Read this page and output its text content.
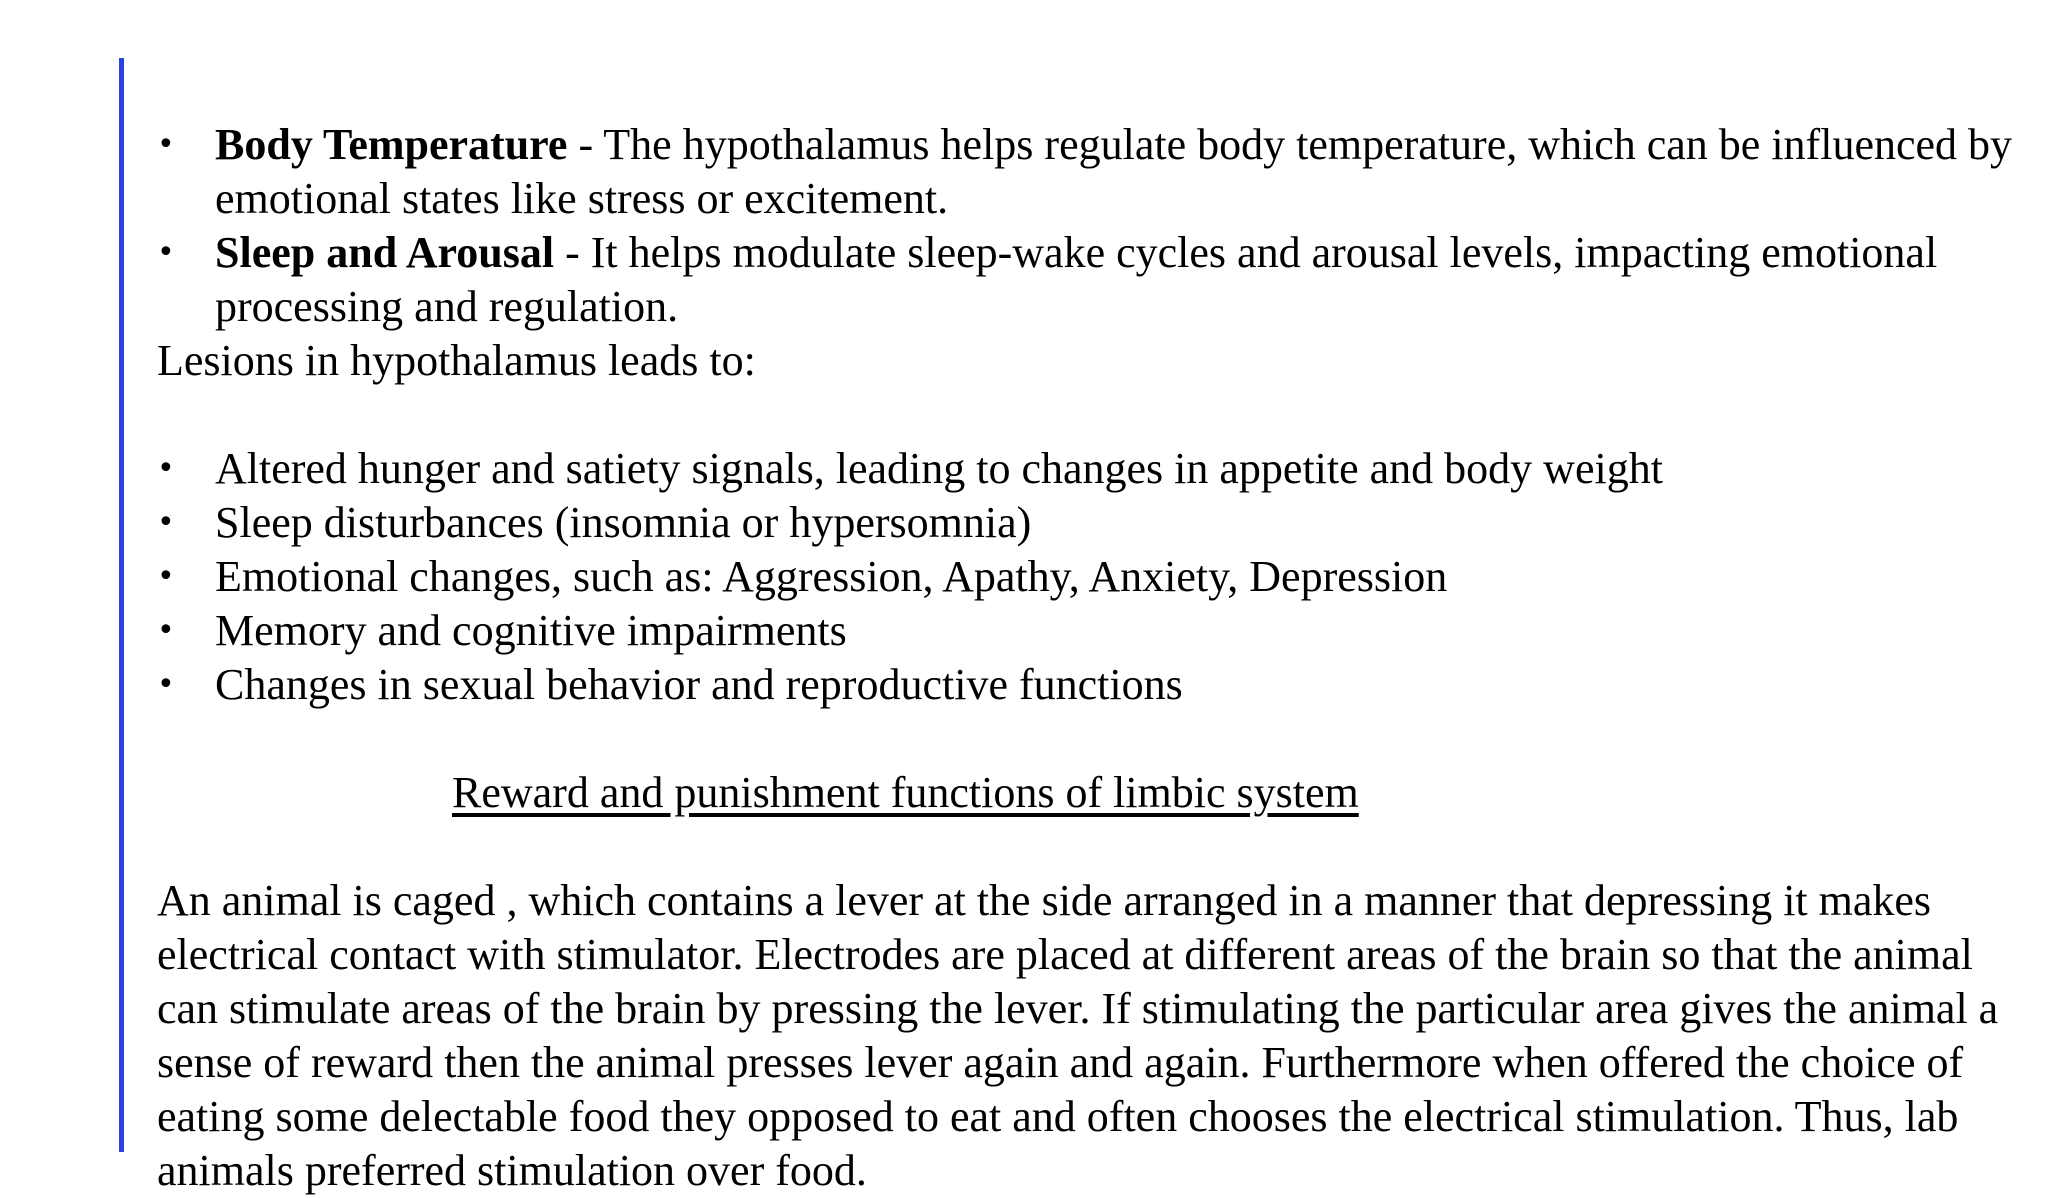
• Body Temperature - The hypothalamus helps regulate body temperature, which can be influenced by emotional states like stress or excitement.
• Sleep and Arousal - It helps modulate sleep-wake cycles and arousal levels, impacting emotional processing and regulation.

Lesions in hypothalamus leads to:

• Altered hunger and satiety signals, leading to changes in appetite and body weight
• Sleep disturbances (insomnia or hypersomnia)
• Emotional changes, such as: Aggression, Apathy, Anxiety, Depression
• Memory and cognitive impairments
• Changes in sexual behavior and reproductive functions

Reward and punishment functions of limbic system

An animal is caged , which contains a lever at the side arranged in a manner that depressing it makes electrical contact with stimulator. Electrodes are placed at different areas of the brain so that the animal can stimulate areas of the brain by pressing the lever. If stimulating the particular area gives the animal a sense of reward then the animal presses lever again and again. Furthermore when offered the choice of eating some delectable food they opposed to eat and often chooses the electrical stimulation. Thus, lab animals preferred stimulation over food.
